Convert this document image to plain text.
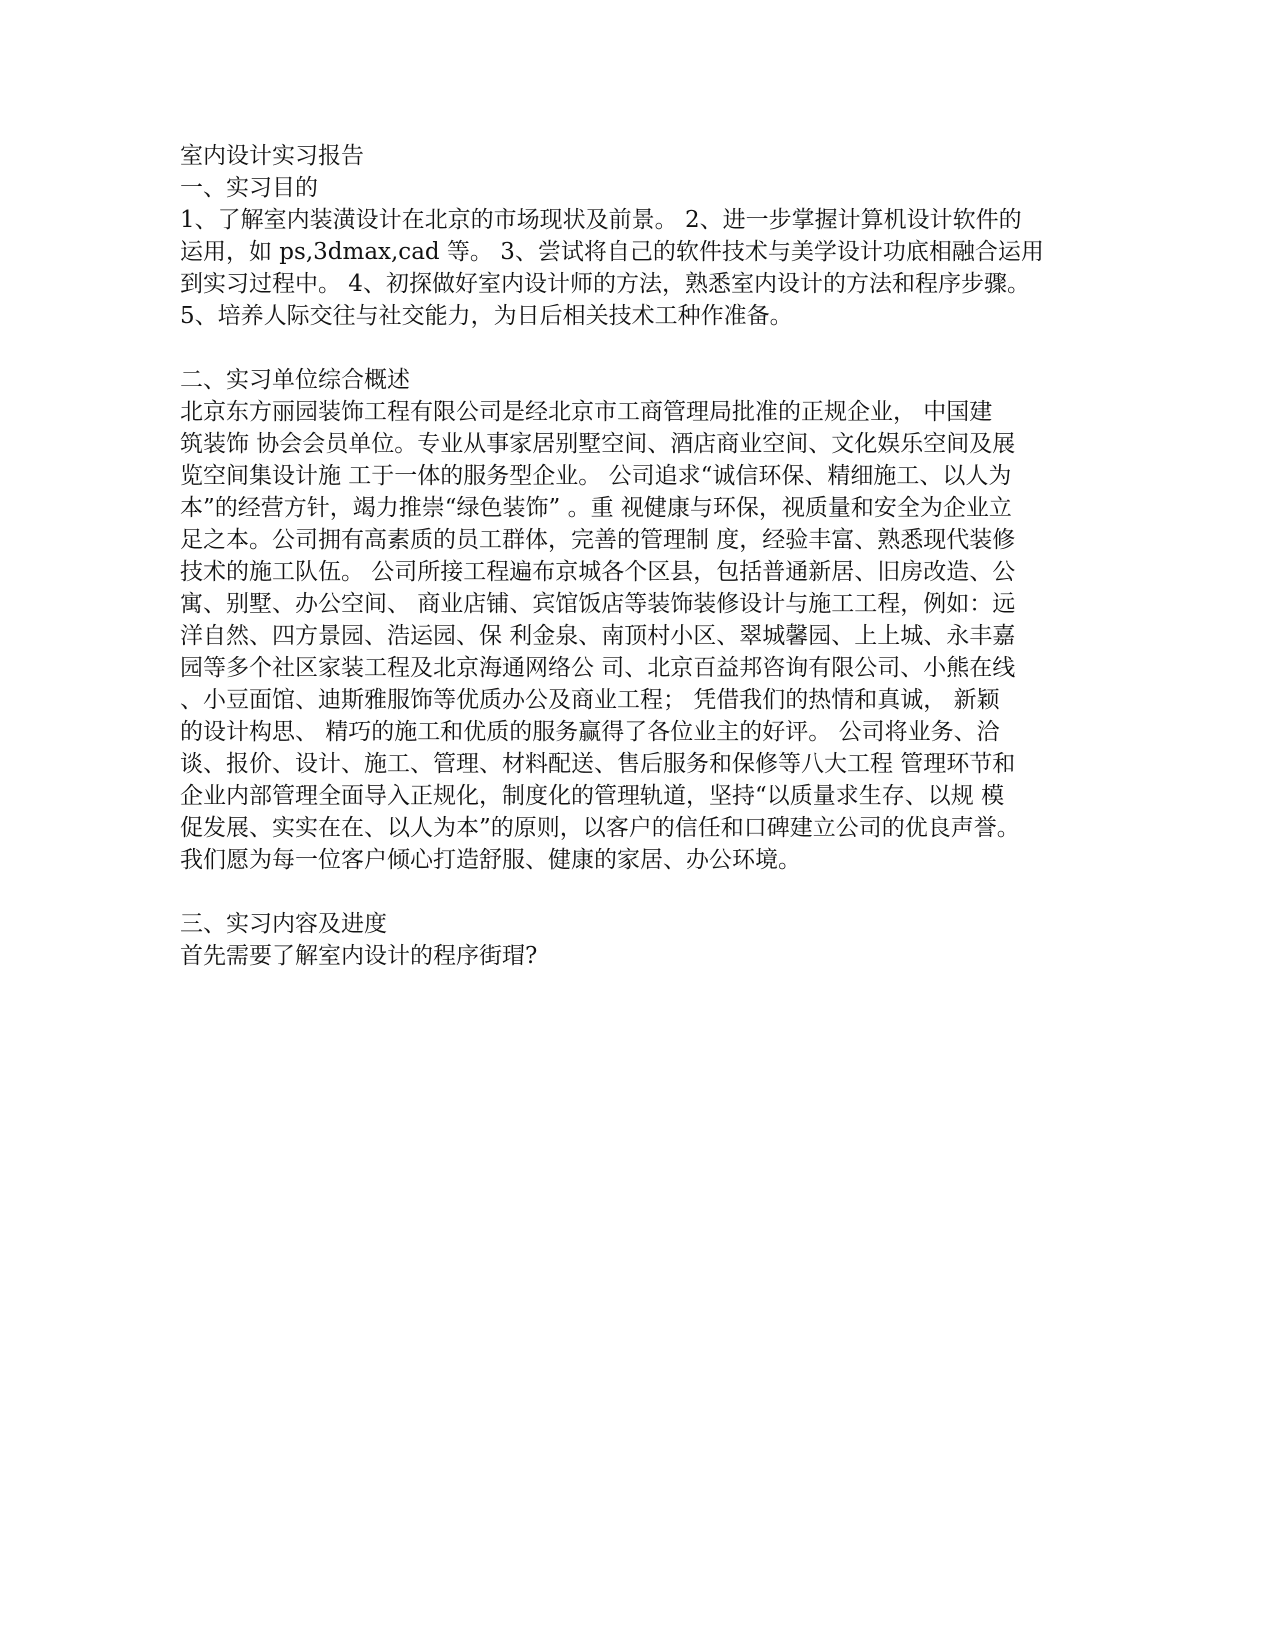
室内设计实习报告
一、实习目的
1、了解室内装潢设计在北京的市场现状及前景。 2、进一步掌握计算机设计软件的
运用，如 ps,3dmax,cad 等。 3、尝试将自己的软件技术与美学设计功底相融合运用
到实习过程中。 4、初探做好室内设计师的方法，熟悉室内设计的方法和程序步骤。
5、培养人际交往与社交能力，为日后相关技术工种作准备。
二、实习单位综合概述
北京东方丽园装饰工程有限公司是经北京市工商管理局批准的正规企业， 中国建
筑装饰 协会会员单位。专业从事家居别墅空间、酒店商业空间、文化娱乐空间及展
览空间集设计施 工于一体的服务型企业。 公司追求“诚信环保、精细施工、以人为
本”的经营方针，竭力推崇“绿色装饰” 。重 视健康与环保，视质量和安全为企业立
足之本。公司拥有高素质的员工群体，完善的管理制 度，经验丰富、熟悉现代装修
技术的施工队伍。 公司所接工程遍布京城各个区县，包括普通新居、旧房改造、公
寓、别墅、办公空间、 商业店铺、宾馆饭店等装饰装修设计与施工工程，例如：远
洋自然、四方景园、浩运园、保 利金泉、南顶村小区、翠城馨园、上上城、永丰嘉
园等多个社区家装工程及北京海通网络公 司、北京百益邦咨询有限公司、小熊在线
、小豆面馆、迪斯雅服饰等优质办公及商业工程； 凭借我们的热情和真诚， 新颖
的设计构思、 精巧的施工和优质的服务赢得了各位业主的好评。 公司将业务、洽
谈、报价、设计、施工、管理、材料配送、售后服务和保修等八大工程 管理环节和
企业内部管理全面导入正规化，制度化的管理轨道，坚持“以质量求生存、以规 模
促发展、实实在在、以人为本”的原则，以客户的信任和口碑建立公司的优良声誉。
我们愿为每一位客户倾心打造舒服、健康的家居、办公环境。
三、实习内容及进度
首先需要了解室内设计的程序街瑁?
